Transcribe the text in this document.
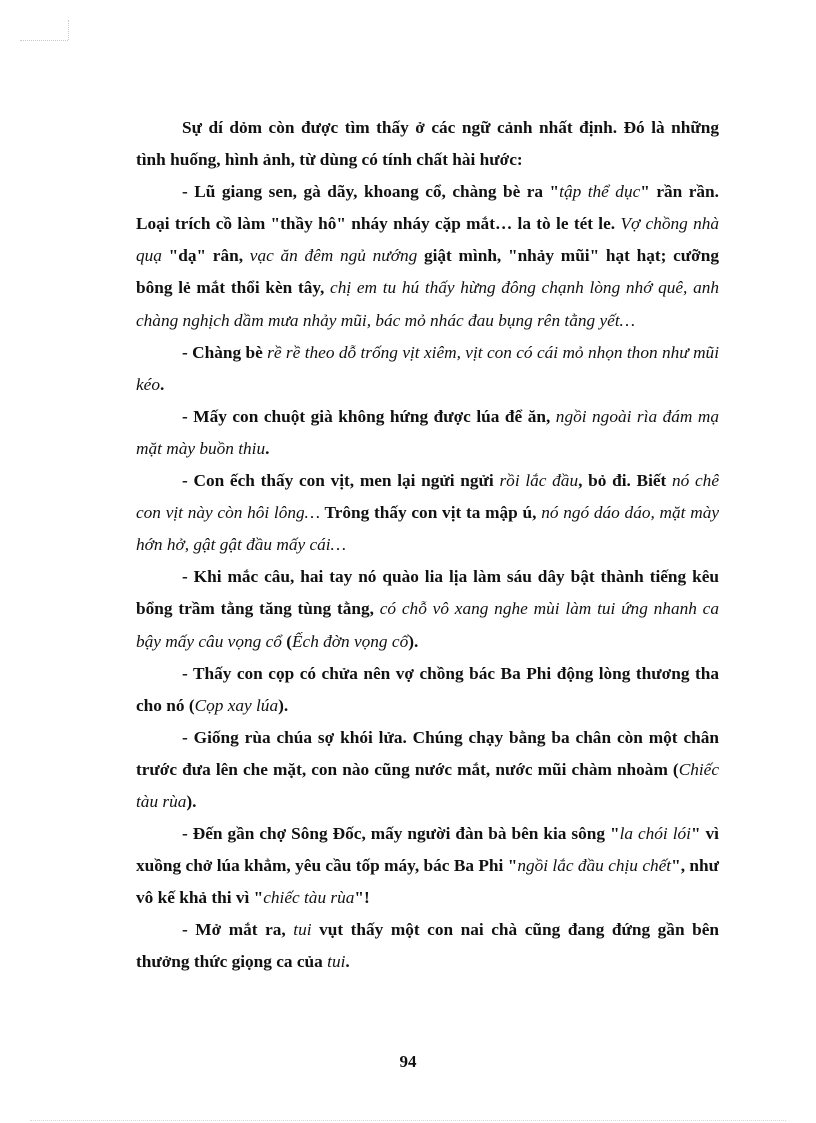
Sự dí dỏm còn được tìm thấy ở các ngữ cảnh nhất định. Đó là những tình huống, hình ảnh, từ dùng có tính chất hài hước:

- Lũ giang sen, gà dãy, khoang cổ, chàng bè ra "tập thể dục" rần rần. Loại trích cồ làm "thầy hô" nháy nháy cặp mắt… la tò le tét le. Vợ chồng nhà quạ "dạ" rân, vạc ăn đêm ngủ nướng giật mình, "nhảy mũi" hạt hạt; cưỡng bông lẻ mắt thổi kèn tây, chị em tu hú thấy hừng đông chạnh lòng nhớ quê, anh chàng nghịch dầm mưa nhảy mũi, bác mỏ nhác đau bụng rên tằng yết…

- Chàng bè rề rề theo dỗ trống vịt xiêm, vịt con có cái mỏ nhọn thon như mũi kéo.

- Mấy con chuột già không hứng được lúa để ăn, ngồi ngoài rìa đám mạ mặt mày buồn thiu.

- Con ếch thấy con vịt, men lại ngửi ngửi rồi lắc đầu, bỏ đi. Biết nó chê con vịt này còn hôi lông… Trông thấy con vịt ta mập ú, nó ngó dáo dáo, mặt mày hớn hở, gật gật đầu mấy cái…

- Khi mắc câu, hai tay nó quào lia lịa làm sáu dây bật thành tiếng kêu bổng trầm tằng tăng tùng tằng, có chỗ vô xang nghe mùi làm tui ứng nhanh ca bậy mấy câu vọng cổ (Ếch đờn vọng cổ).

- Thấy con cọp có chửa nên vợ chồng bác Ba Phi động lòng thương tha cho nó (Cọp xay lúa).

- Giống rùa chúa sợ khói lửa. Chúng chạy bằng ba chân còn một chân trước đưa lên che mặt, con nào cũng nước mắt, nước mũi chàm nhoàm (Chiếc tàu rùa).

- Đến gần chợ Sông Đốc, mấy người đàn bà bên kia sông "la chói lói" vì xuồng chở lúa khẳm, yêu cầu tốp máy, bác Ba Phi "ngồi lắc đầu chịu chết", như vô kế khả thi vì "chiếc tàu rùa"!

- Mở mắt ra, tui vụt thấy một con nai chà cũng đang đứng gần bên thưởng thức giọng ca của tui.

94
